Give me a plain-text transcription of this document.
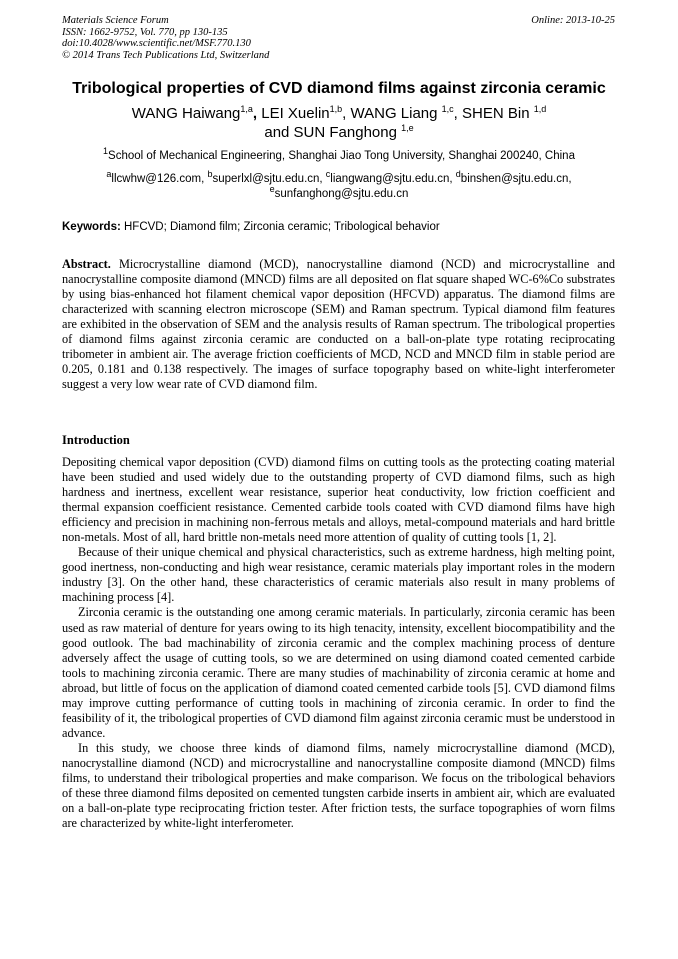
Materials Science Forum
ISSN: 1662-9752, Vol. 770, pp 130-135
doi:10.4028/www.scientific.net/MSF.770.130
© 2014 Trans Tech Publications Ltd, Switzerland
Online: 2013-10-25
Tribological properties of CVD diamond films against zirconia ceramic
WANG Haiwang$^{1,a}$, LEI Xuelin$^{1,b}$, WANG Liang $^{1,c}$, SHEN Bin $^{1,d}$
and SUN Fanghong $^{1,e}$
$^1$School of Mechanical Engineering, Shanghai Jiao Tong University, Shanghai 200240, China
$^a$llcwhw@126.com, $^b$superlxl@sjtu.edu.cn, $^c$liangwang@sjtu.edu.cn, $^d$binshen@sjtu.edu.cn,
$^e$sunfanghong@sjtu.edu.cn
Keywords: HFCVD; Diamond film; Zirconia ceramic; Tribological behavior

Abstract. Microcrystalline diamond (MCD), nanocrystalline diamond (NCD) and microcrystalline and nanocrystalline composite diamond (MNCD) films are all deposited on flat square shaped WC-6%Co substrates by using bias-enhanced hot filament chemical vapor deposition (HFCVD) apparatus. The diamond films are characterized with scanning electron microscope (SEM) and Raman spectrum. Typical diamond film features are exhibited in the observation of SEM and the analysis results of Raman spectrum. The tribological properties of diamond films against zirconia ceramic are conducted on a ball-on-plate type rotating reciprocating tribometer in ambient air. The average friction coefficients of MCD, NCD and MNCD film in stable period are 0.205, 0.181 and 0.138 respectively. The images of surface topography based on white-light interferometer suggest a very low wear rate of CVD diamond film.

Introduction

Depositing chemical vapor deposition (CVD) diamond films on cutting tools as the protecting coating material have been studied and used widely due to the outstanding property of CVD diamond films, such as high hardness and inertness, excellent wear resistance, superior heat conductivity, low friction coefficient and thermal expansion coefficient resistance. Cemented carbide tools coated with CVD diamond films have high efficiency and precision in machining non-ferrous metals and alloys, metal-compound materials and hard brittle non-metals. Most of all, hard brittle non-metals need more attention of quality of cutting tools [1, 2].

Because of their unique chemical and physical characteristics, such as extreme hardness, high melting point, good inertness, non-conducting and high wear resistance, ceramic materials play important roles in the modern industry [3]. On the other hand, these characteristics of ceramic materials also result in many problems of machining process [4].

Zirconia ceramic is the outstanding one among ceramic materials. In particularly, zirconia ceramic has been used as raw material of denture for years owing to its high tenacity, intensity, excellent biocompatibility and the good outlook. The bad machinability of zirconia ceramic and the complex machining process of denture adversely affect the usage of cutting tools, so we are determined on using diamond coated cemented carbide tools to machining zirconia ceramic. There are many studies of machinability of zirconia ceramic at home and abroad, but little of focus on the application of diamond coated cemented carbide tools [5]. CVD diamond films may improve cutting performance of cutting tools in machining of zirconia ceramic. In order to find the feasibility of it, the tribological properties of CVD diamond film against zirconia ceramic must be understood in advance.

In this study, we choose three kinds of diamond films, namely microcrystalline diamond (MCD), nanocrystalline diamond (NCD) and microcrystalline and nanocrystalline composite diamond (MNCD) films films, to understand their tribological properties and make comparison. We focus on the tribological behaviors of these three diamond films deposited on cemented tungsten carbide inserts in ambient air, which are evaluated on a ball-on-plate type reciprocating friction tester. After friction tests, the surface topographies of worn films are characterized by white-light interferometer.
